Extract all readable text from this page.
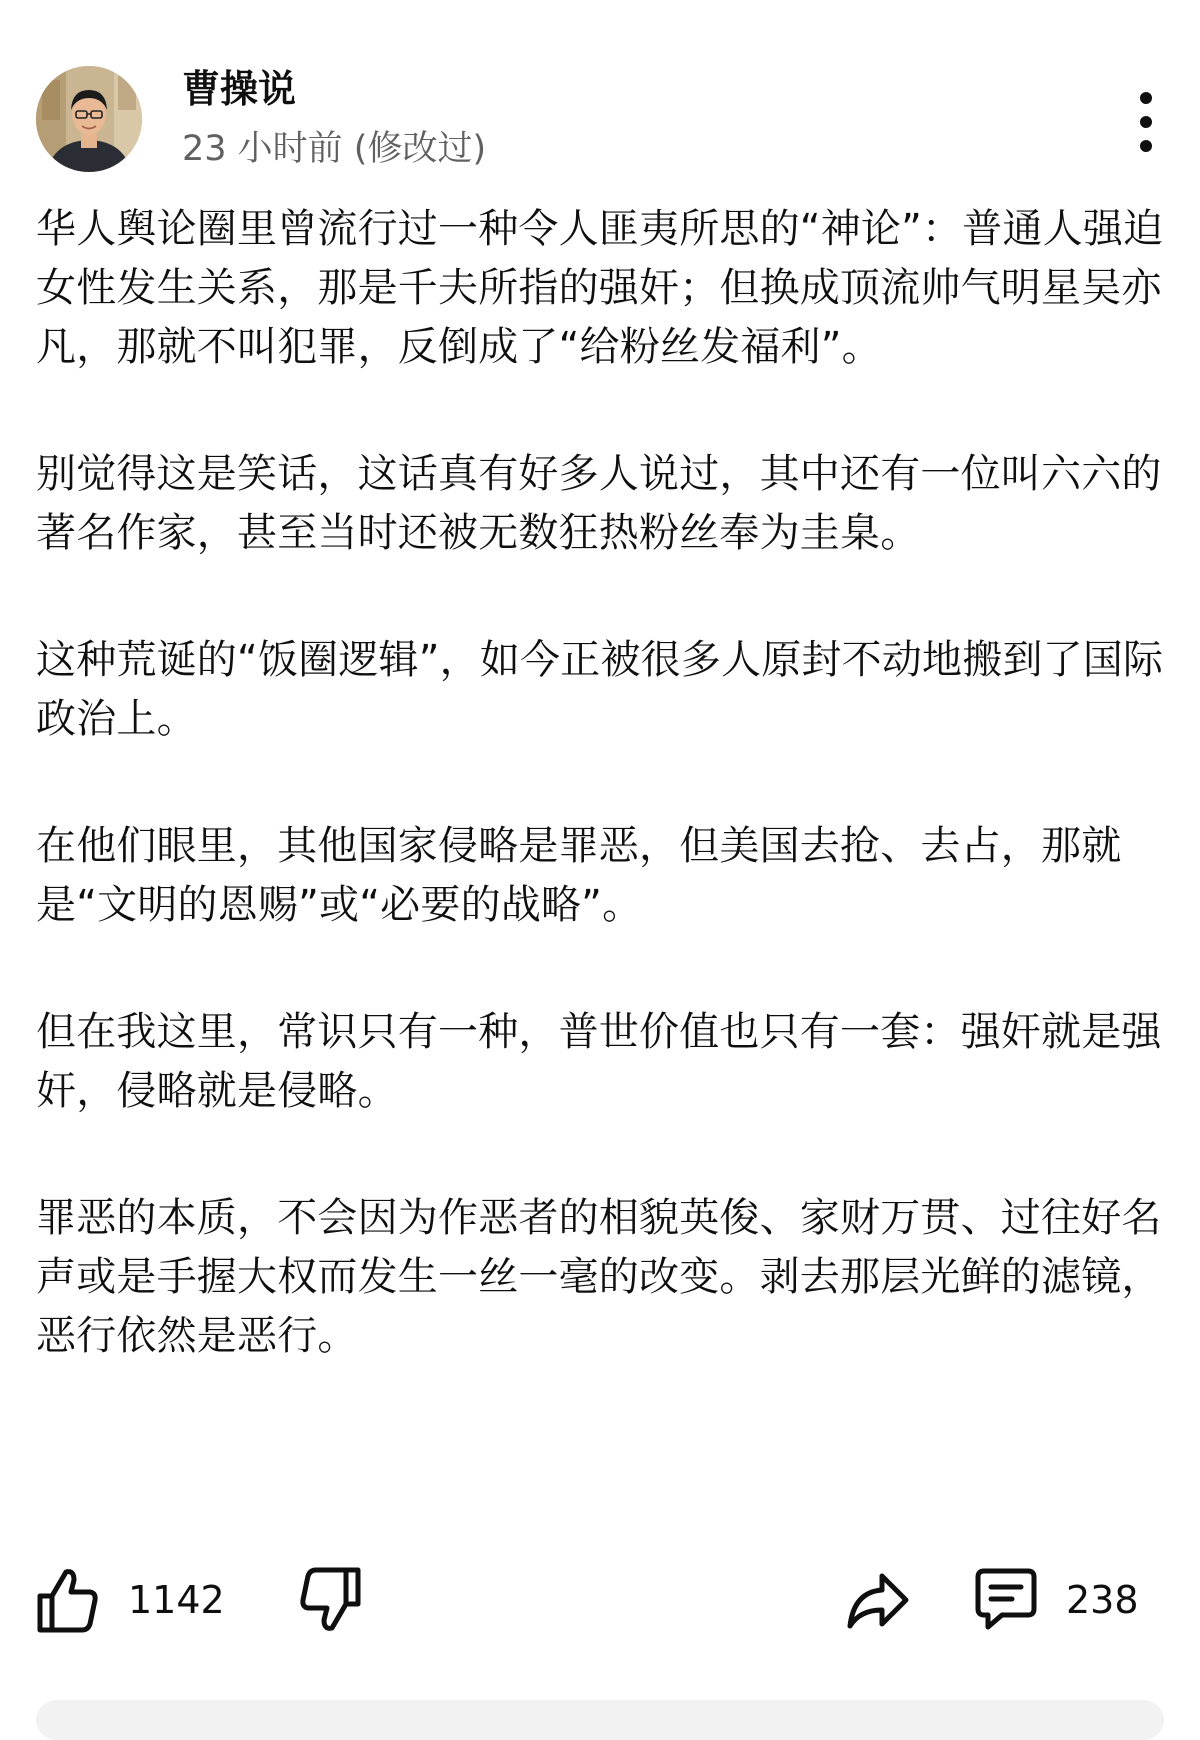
曹操说
23 小时前 (修改过)

华人舆论圈里曾流行过一种令人匪夷所思的“神论”：普通人强迫女性发生关系，那是千夫所指的强奸；但换成顶流帅气明星吴亦凡，那就不叫犯罪，反倒成了“给粉丝发福利”。

别觉得这是笑话，这话真有好多人说过，其中还有一位叫六六的著名作家，甚至当时还被无数狂热粉丝奉为圭臬。

这种荒诞的“饭圈逻辑”，如今正被很多人原封不动地搬到了国际政治上。

在他们眼里，其他国家侵略是罪恶，但美国去抢、去占，那就是“文明的恩赐”或“必要的战略”。

但在我这里，常识只有一种，普世价值也只有一套：强奸就是强奸，侵略就是侵略。

罪恶的本质，不会因为作恶者的相貌英俊、家财万贯、过往好名声或是手握大权而发生一丝一毫的改变。剥去那层光鲜的滤镜，恶行依然是恶行。

1142	238
